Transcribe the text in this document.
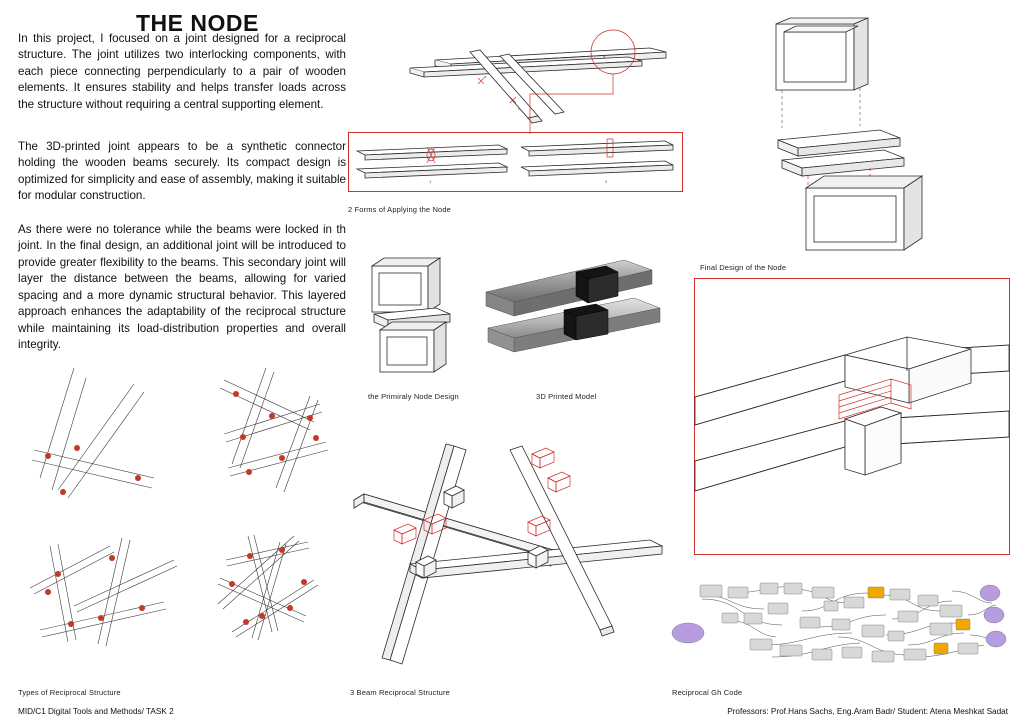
THE NODE
In this project, I focused on a joint designed for a reciprocal structure. The joint utilizes two interlocking components, with each piece connecting perpendicularly to a pair of wooden elements. It ensures stability and helps transfer loads across the structure without requiring a central supporting element.
The 3D-printed joint appears to be a synthetic connector holding the wooden beams securely. Its compact design is optimized for simplicity and ease of assembly, making it suitable for modular construction.
As there were no tolerance while the beams were locked in th joint. In the final design, an additional joint will be introduced to provide greater flexibility to the beams. This secondary joint will layer the distance between the beams, allowing for varied spacing and a more dynamic structural behavior. This layered approach enhances the adaptability of the reciprocal structure while maintaining its load-distribution properties and overall integrity.
a
c
a
1	2
2 Forms of Applying the Node
Final Design of the Node
the Primiraly Node Design	3D Printed Model
Types of Reciprocal Structure	3 Beam Reciprocal Structure	Reciprocal Gh Code
MID/C1 Digital Tools and Methods/ TASK 2	Professors: Prof.Hans Sachs, Eng.Aram Badr/ Student: Atena Meshkat Sadat
